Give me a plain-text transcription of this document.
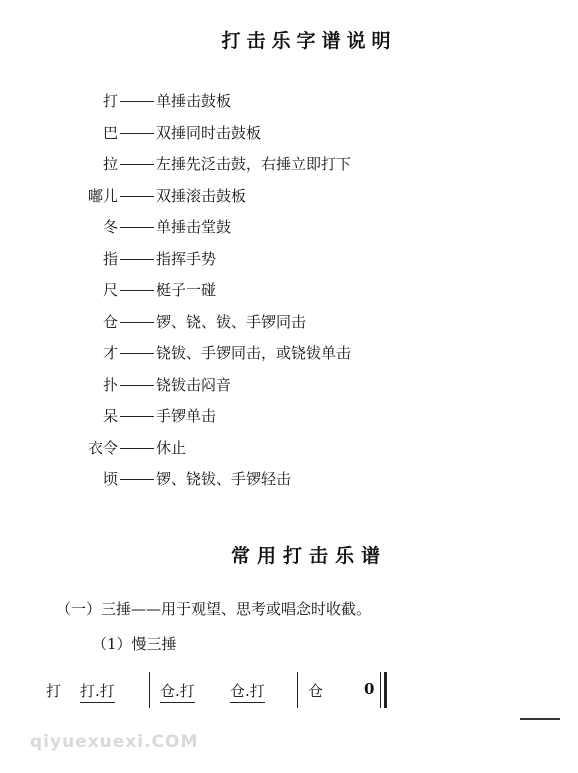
打击乐字谱说明
打	单捶击鼓板
巴	双捶同时击鼓板
拉	左捶先泛击鼓，右捶立即打下
嘟儿	双捶滚击鼓板
冬	单捶击堂鼓
指	指挥手势
尺	梃子一碰
仓	锣、铙、钹、手锣同击
才	铙钹、手锣同击，或铙钹单击
扑	铙钹击闷音
呆	手锣单击
衣令	休止
顷	锣、铙钹、手锣轻击
常用打击乐谱
（一）三捶——用于观望、思考或唱念时收截。
（1）慢三捶
打 打.打	仓.打 仓.打	仓	0
qiyuexuexi.COM
